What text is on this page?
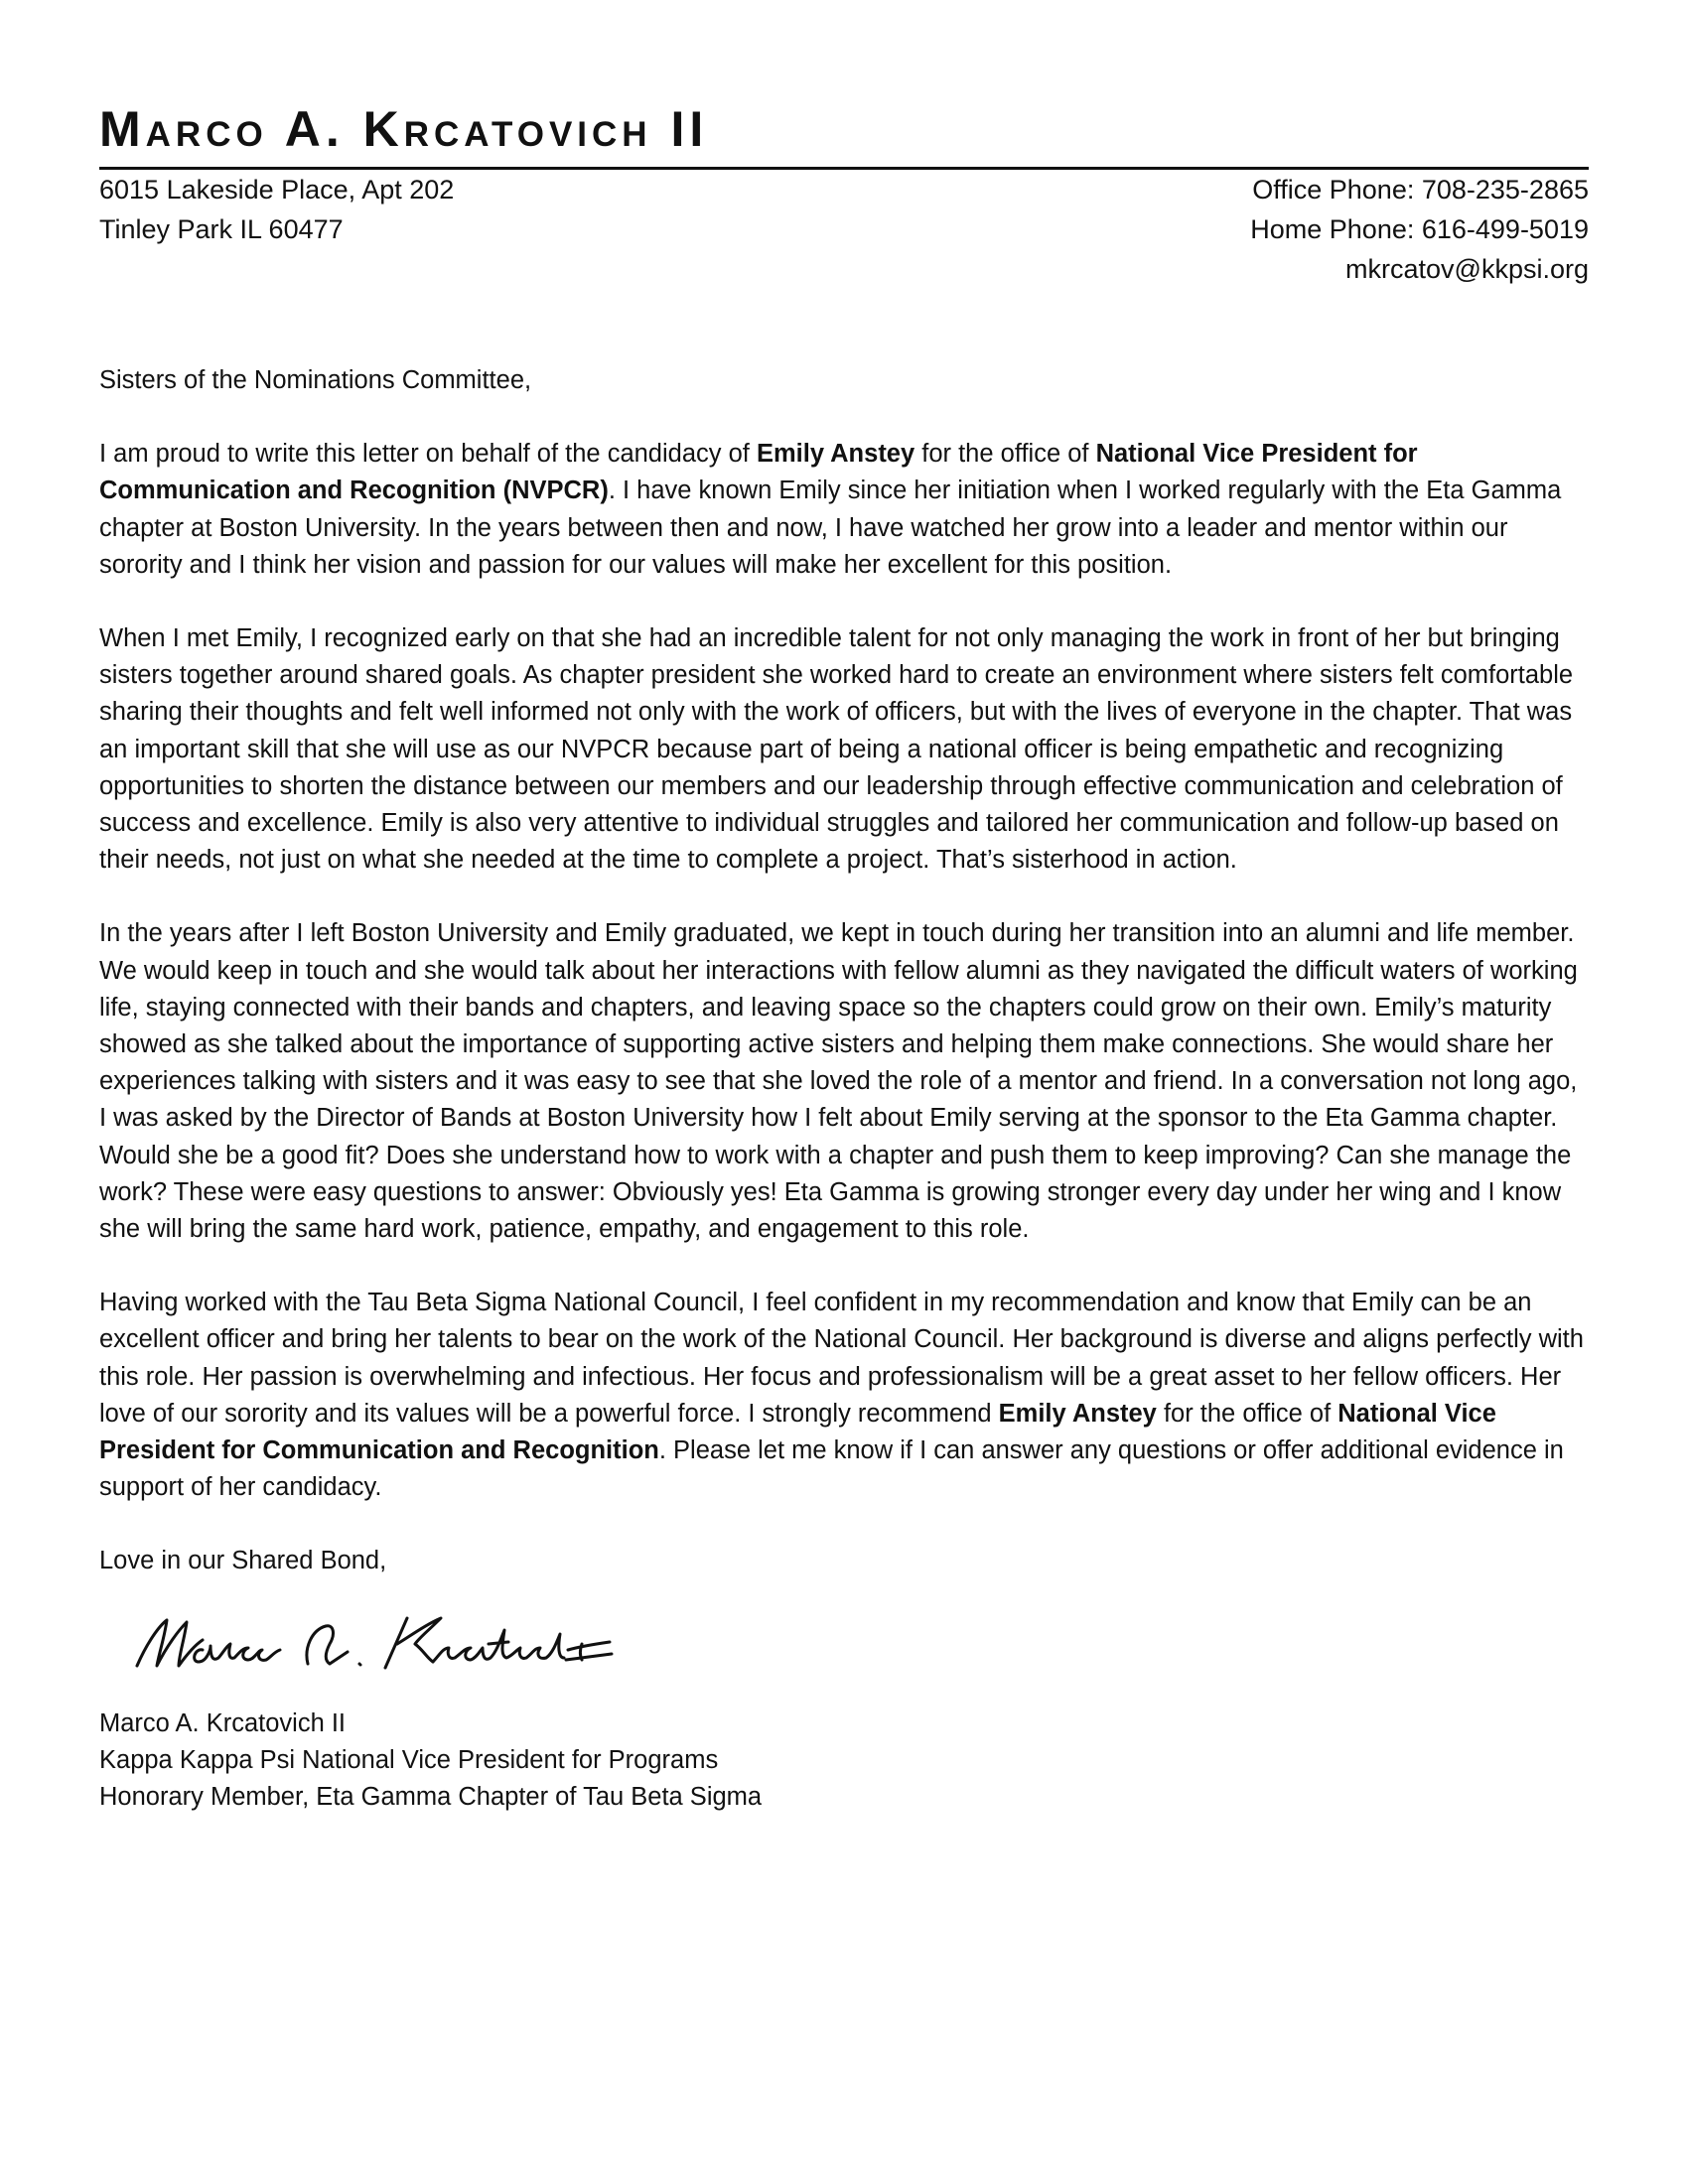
Marco A. Krcatovich II
6015 Lakeside Place, Apt 202
Tinley Park IL 60477
Office Phone: 708-235-2865
Home Phone: 616-499-5019
mkrcatov@kkpsi.org

Sisters of the Nominations Committee,

I am proud to write this letter on behalf of the candidacy of Emily Anstey for the office of National Vice President for Communication and Recognition (NVPCR). I have known Emily since her initiation when I worked regularly with the Eta Gamma chapter at Boston University. In the years between then and now, I have watched her grow into a leader and mentor within our sorority and I think her vision and passion for our values will make her excellent for this position.

When I met Emily, I recognized early on that she had an incredible talent for not only managing the work in front of her but bringing sisters together around shared goals. As chapter president she worked hard to create an environment where sisters felt comfortable sharing their thoughts and felt well informed not only with the work of officers, but with the lives of everyone in the chapter. That was an important skill that she will use as our NVPCR because part of being a national officer is being empathetic and recognizing opportunities to shorten the distance between our members and our leadership through effective communication and celebration of success and excellence. Emily is also very attentive to individual struggles and tailored her communication and follow-up based on their needs, not just on what she needed at the time to complete a project. That’s sisterhood in action.

In the years after I left Boston University and Emily graduated, we kept in touch during her transition into an alumni and life member. We would keep in touch and she would talk about her interactions with fellow alumni as they navigated the difficult waters of working life, staying connected with their bands and chapters, and leaving space so the chapters could grow on their own. Emily’s maturity showed as she talked about the importance of supporting active sisters and helping them make connections. She would share her experiences talking with sisters and it was easy to see that she loved the role of a mentor and friend. In a conversation not long ago, I was asked by the Director of Bands at Boston University how I felt about Emily serving at the sponsor to the Eta Gamma chapter. Would she be a good fit? Does she understand how to work with a chapter and push them to keep improving? Can she manage the work? These were easy questions to answer: Obviously yes! Eta Gamma is growing stronger every day under her wing and I know she will bring the same hard work, patience, empathy, and engagement to this role.

Having worked with the Tau Beta Sigma National Council, I feel confident in my recommendation and know that Emily can be an excellent officer and bring her talents to bear on the work of the National Council. Her background is diverse and aligns perfectly with this role. Her passion is overwhelming and infectious. Her focus and professionalism will be a great asset to her fellow officers. Her love of our sorority and its values will be a powerful force. I strongly recommend Emily Anstey for the office of National Vice President for Communication and Recognition. Please let me know if I can answer any questions or offer additional evidence in support of her candidacy.

Love in our Shared Bond,

Marco A. Krcatovich II
Kappa Kappa Psi National Vice President for Programs
Honorary Member, Eta Gamma Chapter of Tau Beta Sigma
